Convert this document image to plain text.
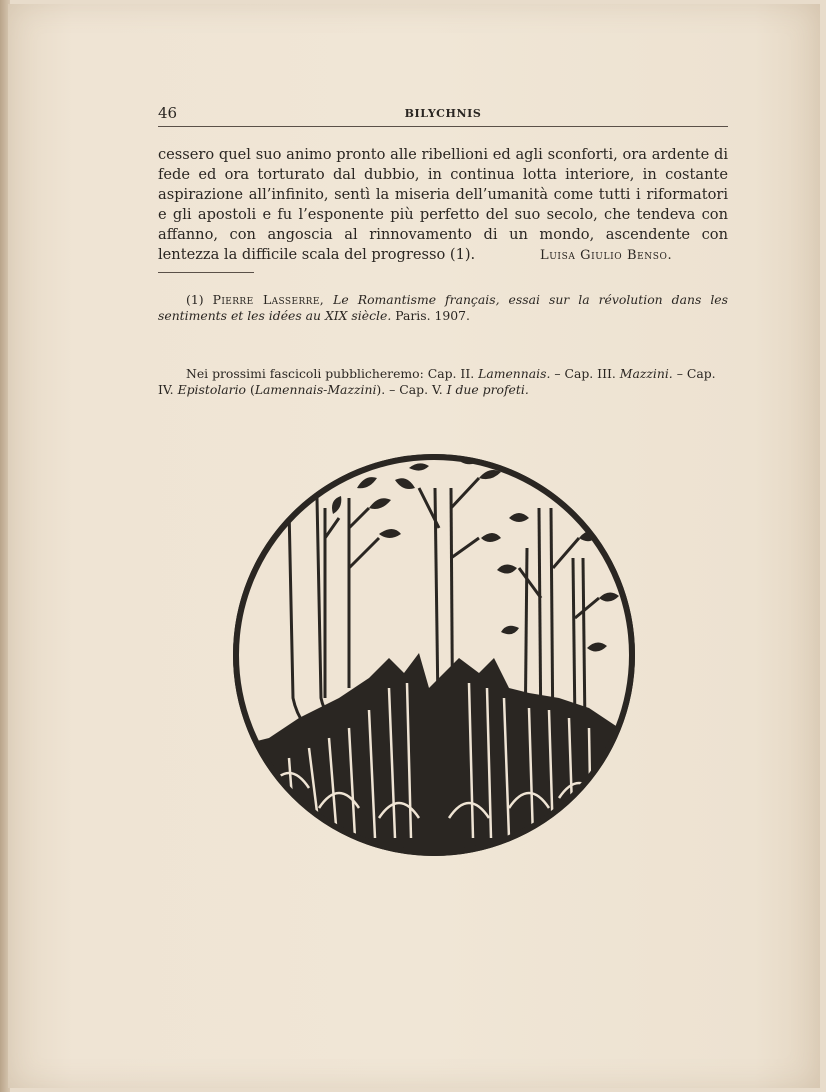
46	BILYCHNIS

cessero quel suo animo pronto alle ribellioni ed agli sconforti, ora ardente di fede ed ora torturato dal dubbio, in continua lotta interiore, in costante aspirazione all’infinito, sentì la miseria dell’umanità come tutti i riformatori e gli apostoli e fu l’esponente più perfetto del suo secolo, che tendeva con affanno, con angoscia al rinnovamento di un mondo, ascendente con lentezza la difficile scala del progresso (1).	Luisa Giulio Benso.

(1) Pierre Lasserre, Le Romantisme français, essai sur la révolution dans les sentiments et les idées au XIX siècle. Paris. 1907.

Nei prossimi fascicoli pubblicheremo: Cap. II. Lamennais. – Cap. III. Mazzini. – Cap. IV. Epistolario (Lamennais-Mazzini). – Cap. V. I due profeti.
